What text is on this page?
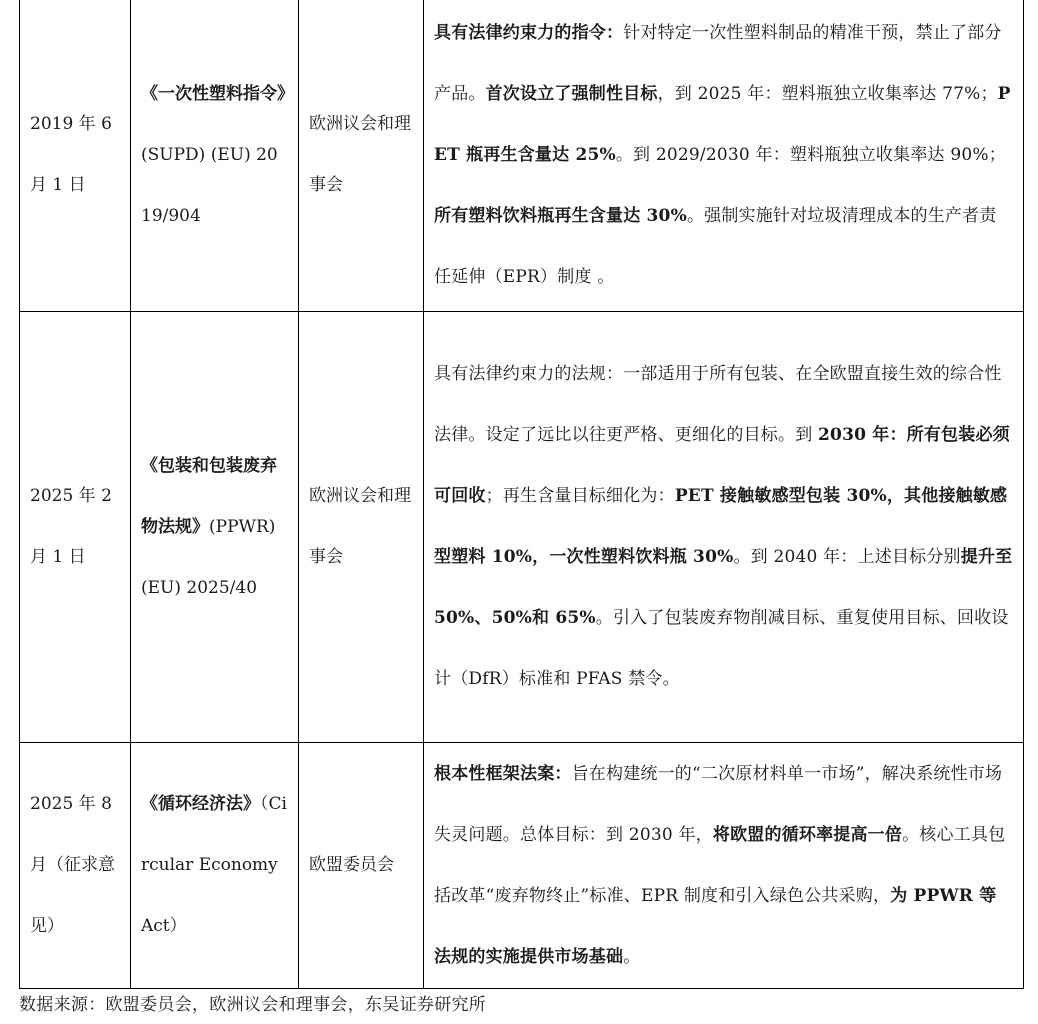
2019 年 6 月 1 日	《一次性塑料指令》(SUPD) (EU) 2019/904	欧洲议会和理事会	具有法律约束力的指令：针对特定一次性塑料制品的精准干预，禁止了部分产品。首次设立了强制性目标，到 2025 年：塑料瓶独立收集率达 77%；PET 瓶再生含量达 25%。到 2029/2030 年：塑料瓶独立收集率达 90%；所有塑料饮料瓶再生含量达 30%。强制实施针对垃圾清理成本的生产者责任延伸（EPR）制度 。
2025 年 2 月 1 日	《包装和包装废弃物法规》(PPWR) (EU) 2025/40	欧洲议会和理事会	具有法律约束力的法规：一部适用于所有包装、在全欧盟直接生效的综合性法律。设定了远比以往更严格、更细化的目标。到 2030 年：所有包装必须可回收；再生含量目标细化为：PET 接触敏感型包装 30%，其他接触敏感型塑料 10%，一次性塑料饮料瓶 30%。到 2040 年：上述目标分别提升至 50%、50%和 65%。引入了包装废弃物削减目标、重复使用目标、回收设计（DfR）标准和 PFAS 禁令。
2025 年 8 月（征求意见）	《循环经济法》（Circular Economy Act）	欧盟委员会	根本性框架法案：旨在构建统一的“二次原材料单一市场”，解决系统性市场失灵问题。总体目标：到 2030 年，将欧盟的循环率提高一倍。核心工具包括改革“废弃物终止”标准、EPR 制度和引入绿色公共采购，为 PPWR 等法规的实施提供市场基础。
数据来源：欧盟委员会，欧洲议会和理事会，东吴证券研究所
